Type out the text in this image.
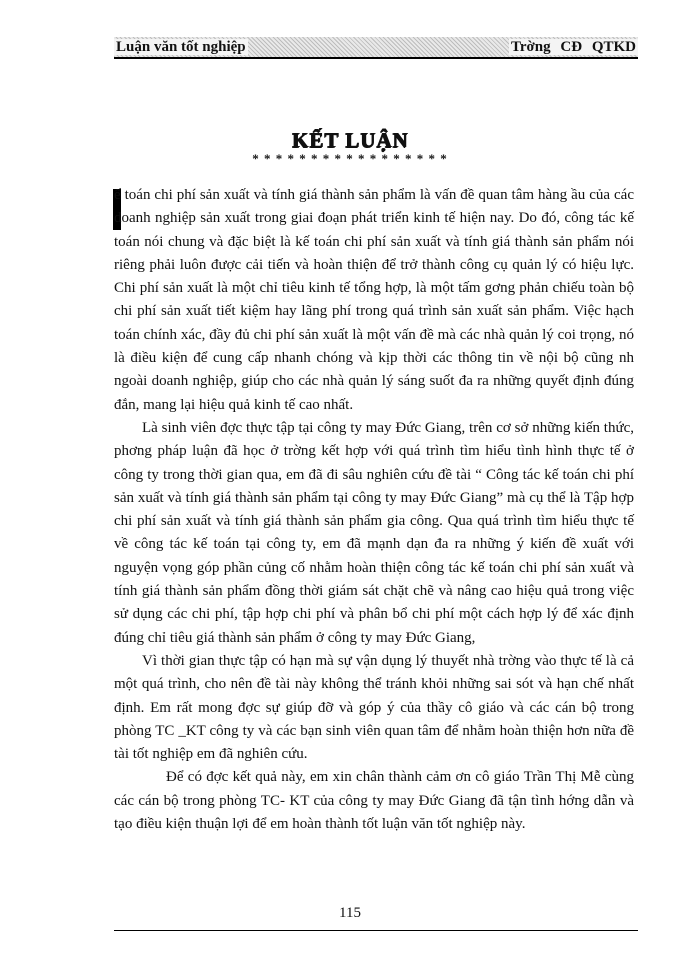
Luận văn tốt nghiệp	Trờng CĐ QTKD
KẾT LUẬN
* * * * * * * * * * * * * * * * *

ế toán chi phí sản xuất và tính giá thành sản phẩm là vấn đề quan tâm hàng ầu của các doanh nghiệp sản xuất trong giai đoạn phát triển kinh tế hiện nay. Do đó, công tác kế toán nói chung và đặc biệt là kế toán chi phí sản xuất và tính giá thành sản phẩm nói riêng phải luôn được cải tiến và hoàn thiện để trở thành công cụ quản lý có hiệu lực. Chi phí sản xuất là một chỉ tiêu kinh tế tổng hợp, là một tấm gơng phản chiếu toàn bộ chi phí sản xuất tiết kiệm hay lãng phí trong quá trình sản xuất sản phẩm. Việc hạch toán chính xác, đầy đủ chi phí sản xuất là một vấn đề mà các nhà quản lý coi trọng, nó là điều kiện để cung cấp nhanh chóng và kịp thời các thông tin về nội bộ cũng nh ngoài doanh nghiệp, giúp cho các nhà quản lý sáng suốt đa ra những quyết định đúng đắn, mang lại hiệu quả kinh tế cao nhất.

Là sinh viên đợc thực tập tại công ty may Đức Giang, trên cơ sở những kiến thức, phơng pháp luận đã học ở trờng kết hợp với quá trình tìm hiểu tình hình thực tế ở công ty trong thời gian qua, em đã đi sâu nghiên cứu đề tài “ Công tác kế toán chi phí sản xuất và tính giá thành sản phẩm tại công ty may Đức Giang” mà cụ thể là Tập hợp chi phí sản xuất và tính giá thành sản phẩm gia công. Qua quá trình tìm hiểu thực tế về công tác kế toán tại công ty, em đã mạnh dạn đa ra những ý kiến đề xuất với nguyện vọng góp phần củng cố nhằm hoàn thiện công tác kế toán chi phí sản xuất và tính giá thành sản phẩm đồng thời giám sát chặt chẽ và nâng cao hiệu quả trong việc sử dụng các chi phí, tập hợp chi phí và phân bổ chi phí một cách hợp lý để xác định đúng chỉ tiêu giá thành sản phẩm ở công ty may Đức Giang,

Vì thời gian thực tập có hạn mà sự vận dụng lý thuyết nhà trờng vào thực tế là cả một quá trình, cho nên đề tài này không thể tránh khỏi những sai sót và hạn chế nhất định. Em rất mong đợc sự giúp đỡ và góp ý của thầy cô giáo và các cán bộ trong phòng TC _KT công ty và các bạn sinh viên quan tâm để nhằm hoàn thiện hơn nữa đề tài tốt nghiệp em đã nghiên cứu.

Để có đợc kết quả này, em xin chân thành cảm ơn cô giáo Trần Thị Mễ cùng các cán bộ trong phòng TC- KT của công ty may Đức Giang đã tận tình hớng dẫn và tạo điều kiện thuận lợi để em hoàn thành tốt luận văn tốt nghiệp này.

115
